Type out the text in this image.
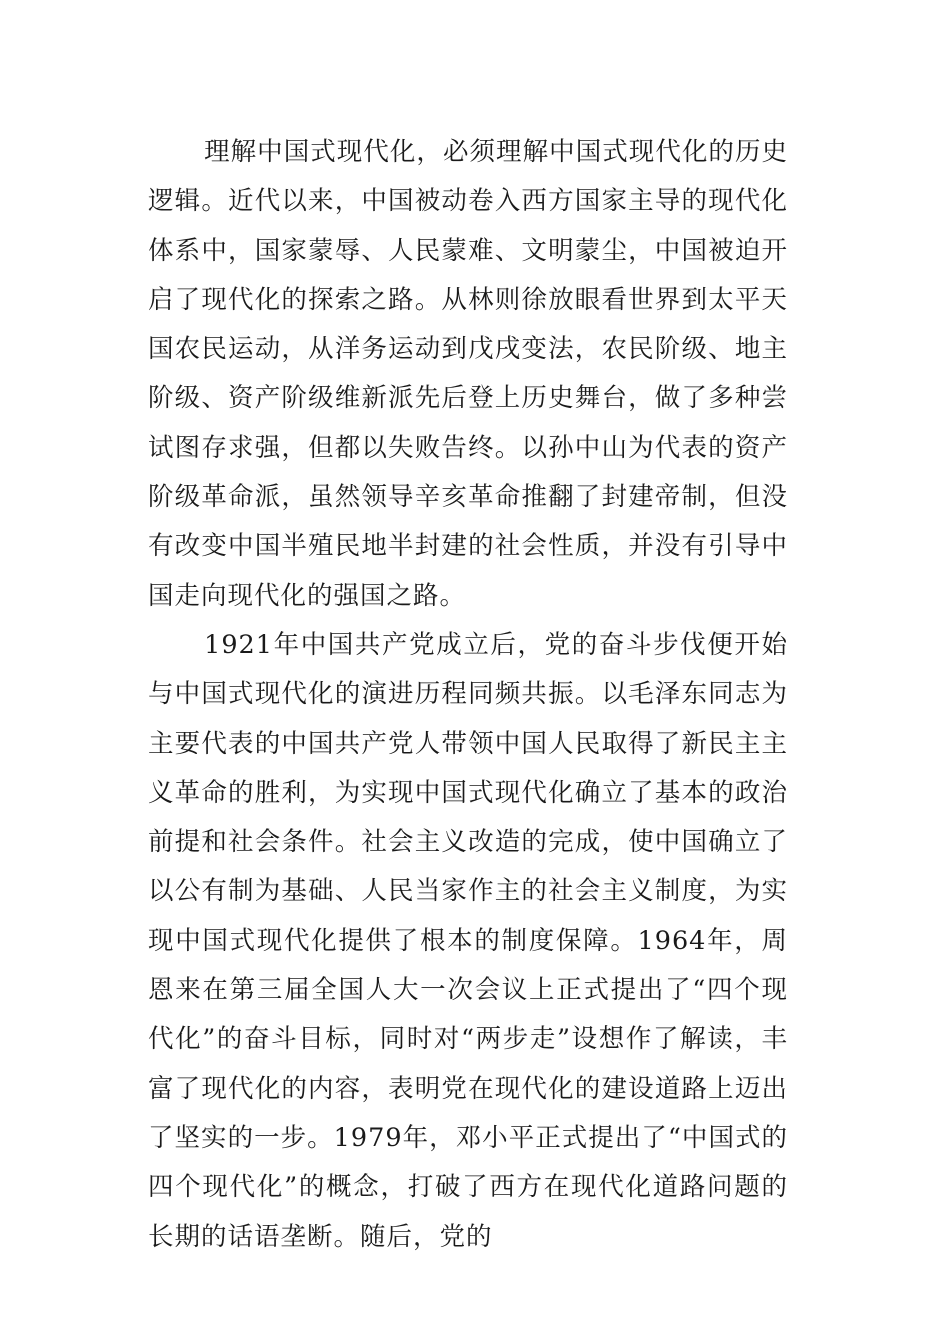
理解中国式现代化，必须理解中国式现代化的历史逻辑。近代以来，中国被动卷入西方国家主导的现代化体系中，国家蒙辱、人民蒙难、文明蒙尘，中国被迫开启了现代化的探索之路。从林则徐放眼看世界到太平天国农民运动，从洋务运动到戊戌变法，农民阶级、地主阶级、资产阶级维新派先后登上历史舞台，做了多种尝试图存求强，但都以失败告终。以孙中山为代表的资产阶级革命派，虽然领导辛亥革命推翻了封建帝制，但没有改变中国半殖民地半封建的社会性质，并没有引导中国走向现代化的强国之路。

1921年中国共产党成立后，党的奋斗步伐便开始与中国式现代化的演进历程同频共振。以毛泽东同志为主要代表的中国共产党人带领中国人民取得了新民主主义革命的胜利，为实现中国式现代化确立了基本的政治前提和社会条件。社会主义改造的完成，使中国确立了以公有制为基础、人民当家作主的社会主义制度，为实现中国式现代化提供了根本的制度保障。1964年，周恩来在第三届全国人大一次会议上正式提出了“四个现代化”的奋斗目标，同时对“两步走”设想作了解读，丰富了现代化的内容，表明党在现代化的建设道路上迈出了坚实的一步。1979年，邓小平正式提出了“中国式的四个现代化”的概念，打破了西方在现代化道路问题的长期的话语垄断。随后，党的
